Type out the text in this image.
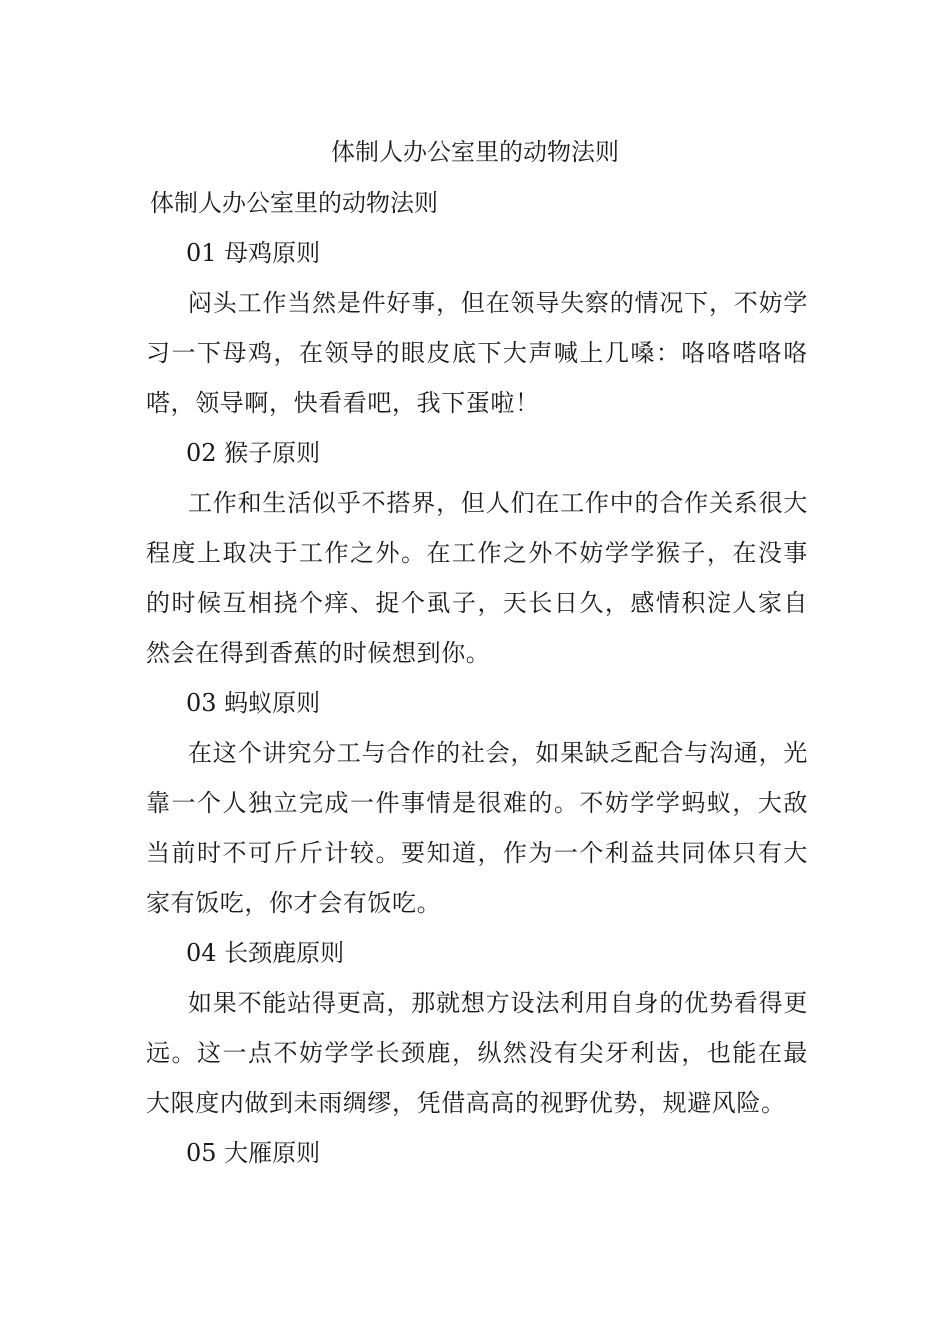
体制人办公室里的动物法则
体制人办公室里的动物法则
01 母鸡原则

闷头工作当然是件好事，但在领导失察的情况下，不妨学习一下母鸡，在领导的眼皮底下大声喊上几嗓：咯咯嗒咯咯嗒，领导啊，快看看吧，我下蛋啦！

02 猴子原则

工作和生活似乎不搭界，但人们在工作中的合作关系很大程度上取决于工作之外。在工作之外不妨学学猴子，在没事的时候互相挠个痒、捉个虱子，天长日久，感情积淀人家自然会在得到香蕉的时候想到你。

03 蚂蚁原则

在这个讲究分工与合作的社会，如果缺乏配合与沟通，光靠一个人独立完成一件事情是很难的。不妨学学蚂蚁，大敌当前时不可斤斤计较。要知道，作为一个利益共同体只有大家有饭吃，你才会有饭吃。

04 长颈鹿原则

如果不能站得更高，那就想方设法利用自身的优势看得更远。这一点不妨学学长颈鹿，纵然没有尖牙利齿，也能在最大限度内做到未雨绸缪，凭借高高的视野优势，规避风险。

05 大雁原则
